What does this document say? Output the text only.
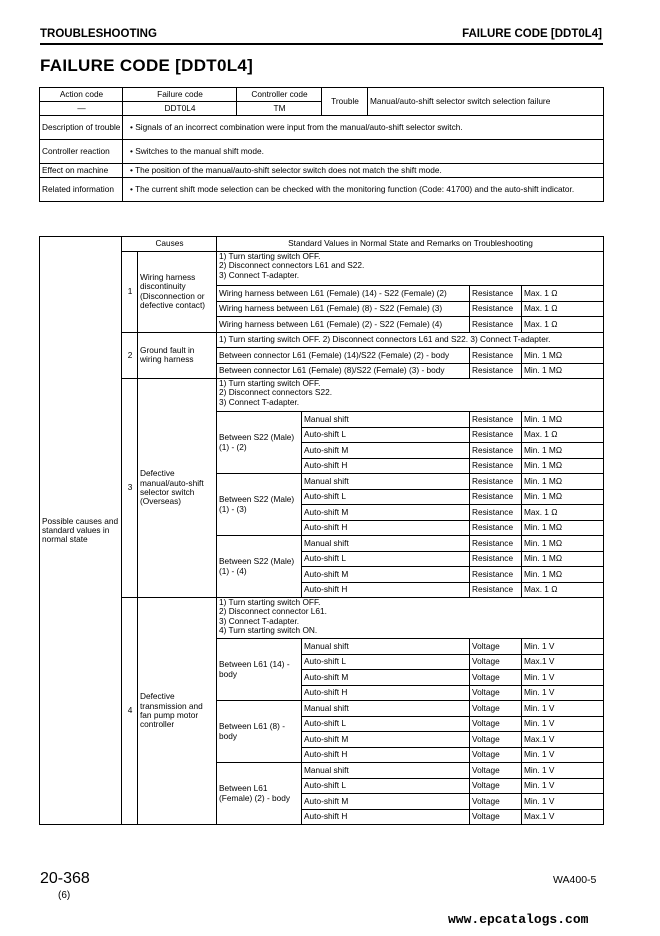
TROUBLESHOOTING	FAILURE CODE [DDT0L4]
FAILURE CODE [DDT0L4]
Action code	Failure code	Controller code	Trouble	Manual/auto-shift selector switch selection failure
—	DDT0L4	TM		
Description of trouble	• Signals of an incorrect combination were input from the manual/auto-shift selector switch.
Controller reaction	• Switches to the manual shift mode.
Effect on machine	• The position of the manual/auto-shift selector switch does not match the shift mode.
Related information	• The current shift mode selection can be checked with the monitoring function (Code: 41700) and the auto-shift indicator.
Possible causes and standard values in normal state	Causes		Standard Values in Normal State and Remarks on Troubleshooting			
	1	Wiring harness discontinuity (Disconnection or defective contact)	1) Turn starting switch OFF.
2) Disconnect connectors L61 and S22.
3) Connect T-adapter.			

			Wiring harness between L61 (Female) (14) - S22 (Female) (2)		Resistance	Max. 1 Ω
			Wiring harness between L61 (Female) (8) - S22 (Female) (3)		Resistance	Max. 1 Ω
			Wiring harness between L61 (Female) (2) - S22 (Female) (4)		Resistance	Max. 1 Ω
	2	Ground fault in wiring harness	1) Turn starting switch OFF. 2) Disconnect connectors L61 and S22. 3) Connect T-adapter.			
			Between connector L61 (Female) (14)/S22 (Female) (2) - body		Resistance	Min. 1 MΩ
			Between connector L61 (Female) (8)/S22 (Female) (3) - body		Resistance	Min. 1 MΩ
	3	Defective manual/auto-shift selector switch (Overseas)	1) Turn starting switch OFF.
2) Disconnect connectors S22.
3) Connect T-adapter.			

			Between S22 (Male) (1) - (2)	Manual shift	Resistance	Min. 1 MΩ
				Auto-shift L	Resistance	Max. 1 Ω
				Auto-shift M	Resistance	Min. 1 MΩ
				Auto-shift H	Resistance	Min. 1 MΩ
			Between S22 (Male) (1) - (3)	Manual shift	Resistance	Min. 1 MΩ
				Auto-shift L	Resistance	Min. 1 MΩ
				Auto-shift M	Resistance	Max. 1 Ω
				Auto-shift H	Resistance	Min. 1 MΩ
			Between S22 (Male) (1) - (4)	Manual shift	Resistance	Min. 1 MΩ
				Auto-shift L	Resistance	Min. 1 MΩ
				Auto-shift M	Resistance	Min. 1 MΩ
				Auto-shift H	Resistance	Max. 1 Ω
	4	Defective transmission and fan pump motor controller	1) Turn starting switch OFF.
2) Disconnect connector L61.
3) Connect T-adapter.
4) Turn starting switch ON.			

			Between L61 (14) - body	Manual shift	Voltage	Min. 1 V
				Auto-shift L	Voltage	Max.1 V
				Auto-shift M	Voltage	Min. 1 V
				Auto-shift H	Voltage	Min. 1 V
			Between L61 (8) - body	Manual shift	Voltage	Min. 1 V
				Auto-shift L	Voltage	Min. 1 V
				Auto-shift M	Voltage	Max.1 V
				Auto-shift H	Voltage	Min. 1 V
			Between L61 (Female) (2) - body	Manual shift	Voltage	Min. 1 V
				Auto-shift L	Voltage	Min. 1 V
				Auto-shift M	Voltage	Min. 1 V
				Auto-shift H	Voltage	Max.1 V
20-368
(6)
WA400-5
www.epcatalogs.com
